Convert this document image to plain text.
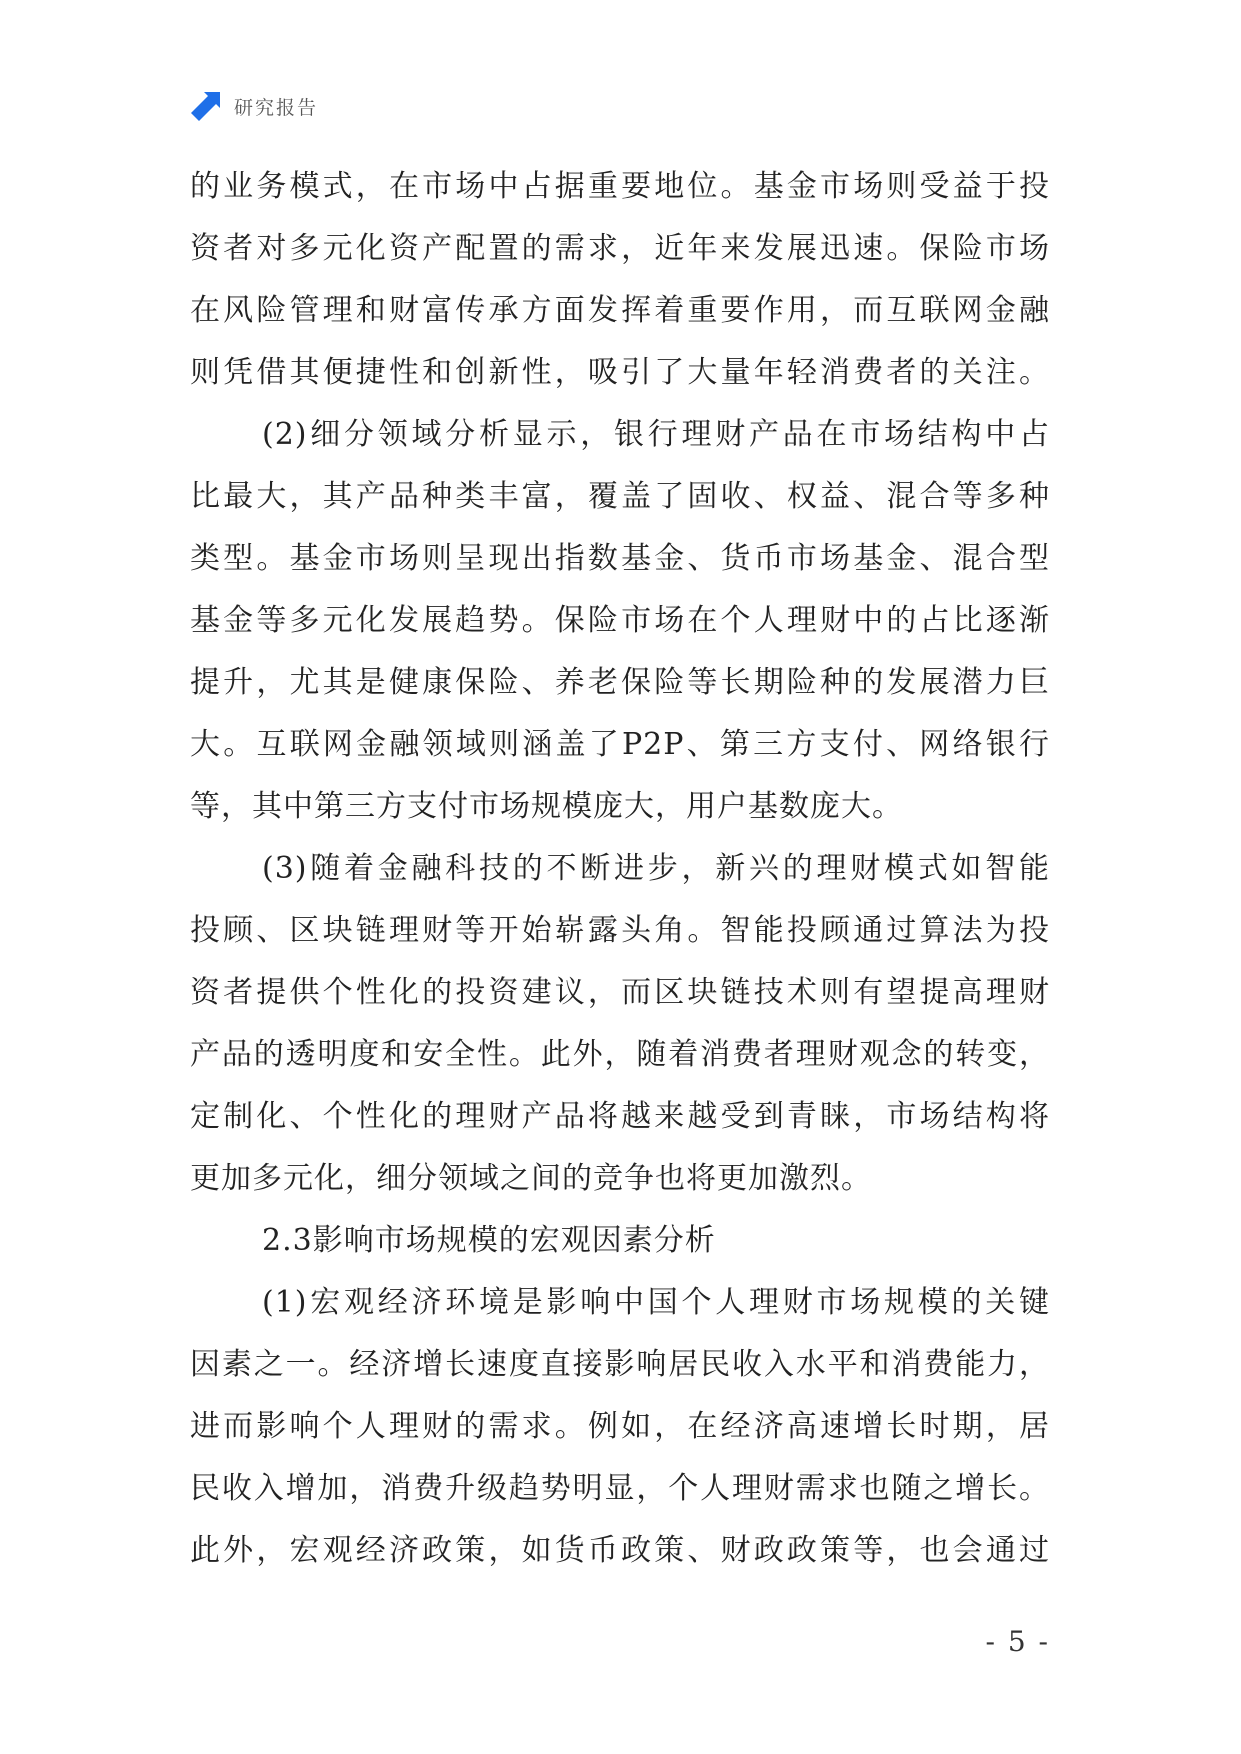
研究报告
的业务模式，在市场中占据重要地位。基金市场则受益于投
资者对多元化资产配置的需求，近年来发展迅速。保险市场
在风险管理和财富传承方面发挥着重要作用，而互联网金融
则凭借其便捷性和创新性，吸引了大量年轻消费者的关注。
(2)细分领域分析显示，银行理财产品在市场结构中占
比最大，其产品种类丰富，覆盖了固收、权益、混合等多种
类型。基金市场则呈现出指数基金、货币市场基金、混合型
基金等多元化发展趋势。保险市场在个人理财中的占比逐渐
提升，尤其是健康保险、养老保险等长期险种的发展潜力巨
大。互联网金融领域则涵盖了P2P、第三方支付、网络银行
等，其中第三方支付市场规模庞大，用户基数庞大。
(3)随着金融科技的不断进步，新兴的理财模式如智能
投顾、区块链理财等开始崭露头角。智能投顾通过算法为投
资者提供个性化的投资建议，而区块链技术则有望提高理财
产品的透明度和安全性。此外，随着消费者理财观念的转变，
定制化、个性化的理财产品将越来越受到青睐，市场结构将
更加多元化，细分领域之间的竞争也将更加激烈。
2.3影响市场规模的宏观因素分析
(1)宏观经济环境是影响中国个人理财市场规模的关键
因素之一。经济增长速度直接影响居民收入水平和消费能力，
进而影响个人理财的需求。例如，在经济高速增长时期，居
民收入增加，消费升级趋势明显，个人理财需求也随之增长。
此外，宏观经济政策，如货币政策、财政政策等，也会通过
- 5 -
